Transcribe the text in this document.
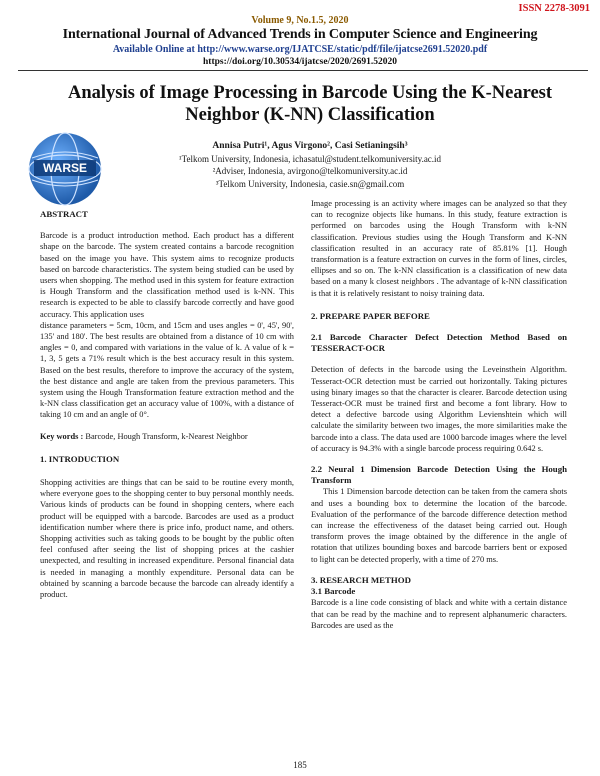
ISSN 2278-3091
Volume 9, No.1.5, 2020
International Journal of Advanced Trends in Computer Science and Engineering
Available Online at http://www.warse.org/IJATCSE/static/pdf/file/ijatcse2691.52020.pdf
https://doi.org/10.30534/ijatcse/2020/2691.52020
Analysis of Image Processing in Barcode Using the K-Nearest Neighbor (K-NN) Classification
WARSE
Annisa Putri¹, Agus Virgono², Casi Setianingsih³
¹Telkom University, Indonesia, ichasatul@student.telkomuniversity.ac.id
²Adviser, Indonesia, avirgono@telkomuniversity.ac.id
³Telkom University, Indonesia, casie.sn@gmail.com

ABSTRACT

Barcode is a product introduction method. Each product has a different shape on the barcode. The system created contains a barcode recognition based on the image you have. This system aims to recognize products based on barcode characteristics. The system being studied can be used by users when shopping. The method used in this system for feature extraction is Hough Transform and the classification method used is k-NN. This research is expected to be able to classify barcode correctly and have good accuracy. This application uses

distance parameters = 5cm, 10cm, and 15cm and uses angles = 0', 45', 90', 135' and 180'. The best results are obtained from a distance of 10 cm with angles = 0, and compared with variations in the value of k. A value of k = 1, 3, 5 gets a 71% result which is the best accuracy result in this system. Based on the best results, therefore to improve the accuracy of the system, the best distance and angle are taken from the previous parameters. This system using the Hough Transformation feature extraction method and the k-NN class classification get an accuracy value of 100%, with a distance of taking 10 cm and an angle of 0°.

Key words : Barcode, Hough Transform, k-Nearest Neighbor

1. INTRODUCTION

Shopping activities are things that can be said to be routine every month, where everyone goes to the shopping center to buy personal monthly needs. Various kinds of products can be found in shopping centers, where each product will be equipped with a barcode. Barcodes are used as a product identification number where there is price info, product name, and others. Shopping activities such as taking goods to be bought by the public often feel confused after seeing the list of shopping prices at the cashier unexpected, and resulting in increased expenditure. Personal financial data is needed in managing a monthly expenditure. Personal data can be obtained by scanning a barcode because the barcode can already identify a product.

Image processing is an activity where images can be analyzed so that they can to recognize objects like humans. In this study, feature extraction is performed on barcodes using the Hough Transform with k-NN classification. Previous studies using the Hough Transform and K-NN classification resulted in an accuracy rate of 85.81% [1]. Hough transformation is a feature extraction on curves in the form of lines, circles, ellipses and so on. The k-NN classification is a classification of new data based on a many k closest neighbors . The advantage of k-NN classification is that it is relatively resistant to noisy training data.

2. PREPARE PAPER BEFORE

2.1 Barcode Character Defect Detection Method Based on TESSERACT-OCR

Detection of defects in the barcode using the Leveinsthein Algorithm. Tesseract-OCR detection must be carried out horizontally. Taking pictures using binary images so that the character is clearer. Barcode detection using Tesseract-OCR must be trained first and become a font library. How to detect a defective barcode using Algorithm Levienshtein which will calculate the similarity between two images, the more similarities make the barcode into a class. The data used are 1000 barcode images where the level of accuracy is 94.3% with a single barcode process requiring 0.642 s.

2.2 Neural 1 Dimension Barcode Detection Using the Hough Transform

This 1 Dimension barcode detection can be taken from the camera shots and uses a bounding box to determine the location of the barcode. Evaluation of the performance of the barcode difference detection method can increase the effectiveness of the dataset being carried out. Hough transform proves the image obtained by the difference in the angle of rotation that utilizes bounding boxes and barcode barriers bent or exposed to light can be detected properly, with a time of 270 ms.

3. RESEARCH METHOD

3.1 Barcode

Barcode is a line code consisting of black and white with a certain distance that can be read by the machine and to represent alphanumeric characters. Barcodes are used as the

185
